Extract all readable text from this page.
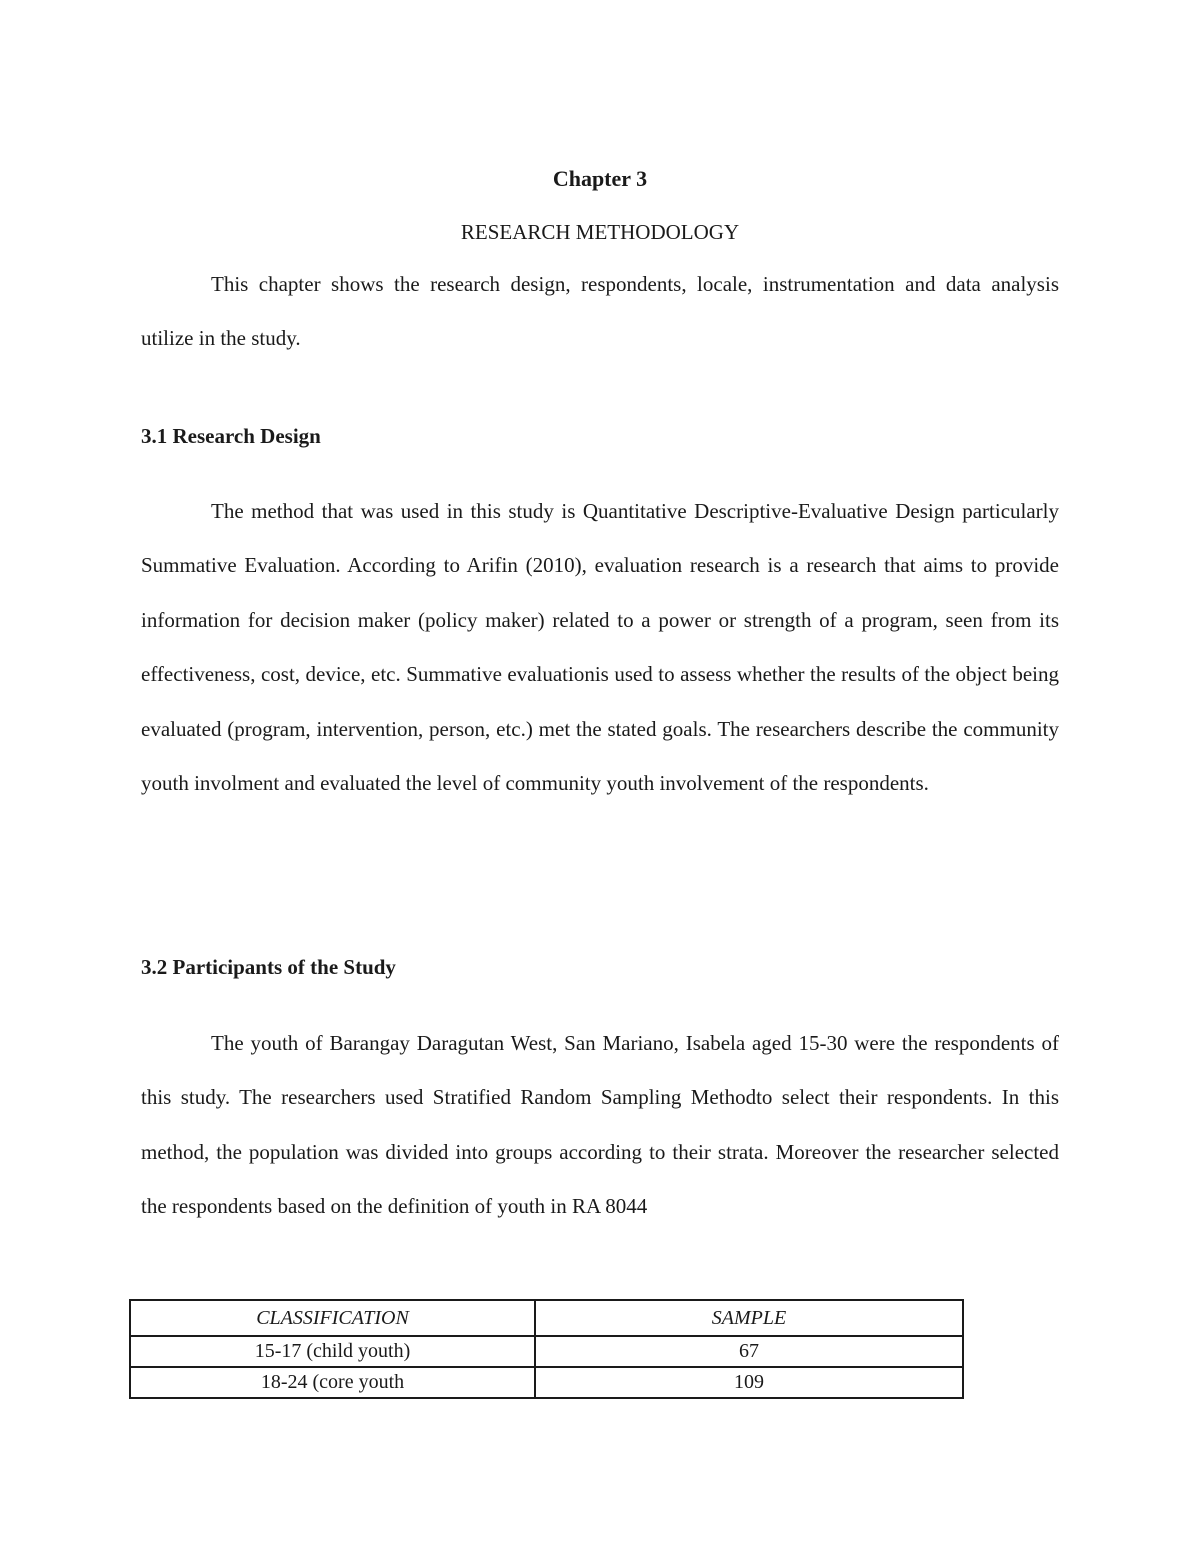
Chapter 3
RESEARCH METHODOLOGY

This chapter shows the research design, respondents, locale, instrumentation and data analysis utilize in the study.

3.1 Research Design

The method that was used in this study is Quantitative Descriptive-Evaluative Design particularly Summative Evaluation. According to Arifin (2010), evaluation research is a research that aims to provide information for decision maker (policy maker) related to a power or strength of a program, seen from its effectiveness, cost, device, etc. Summative evaluationis used to assess whether the results of the object being evaluated (program, intervention, person, etc.) met the stated goals. The researchers describe the community youth involment and evaluated the level of community youth involvement of the respondents.

3.2 Participants of the Study

The youth of Barangay Daragutan West, San Mariano, Isabela aged 15-30 were the respondents of this study. The researchers used Stratified Random Sampling Methodto select their respondents. In this method, the population was divided into groups according to their strata. Moreover the researcher selected the respondents based on the definition of youth in RA 8044

CLASSIFICATION	SAMPLE
15-17 (child youth)	67
18-24 (core youth	109
